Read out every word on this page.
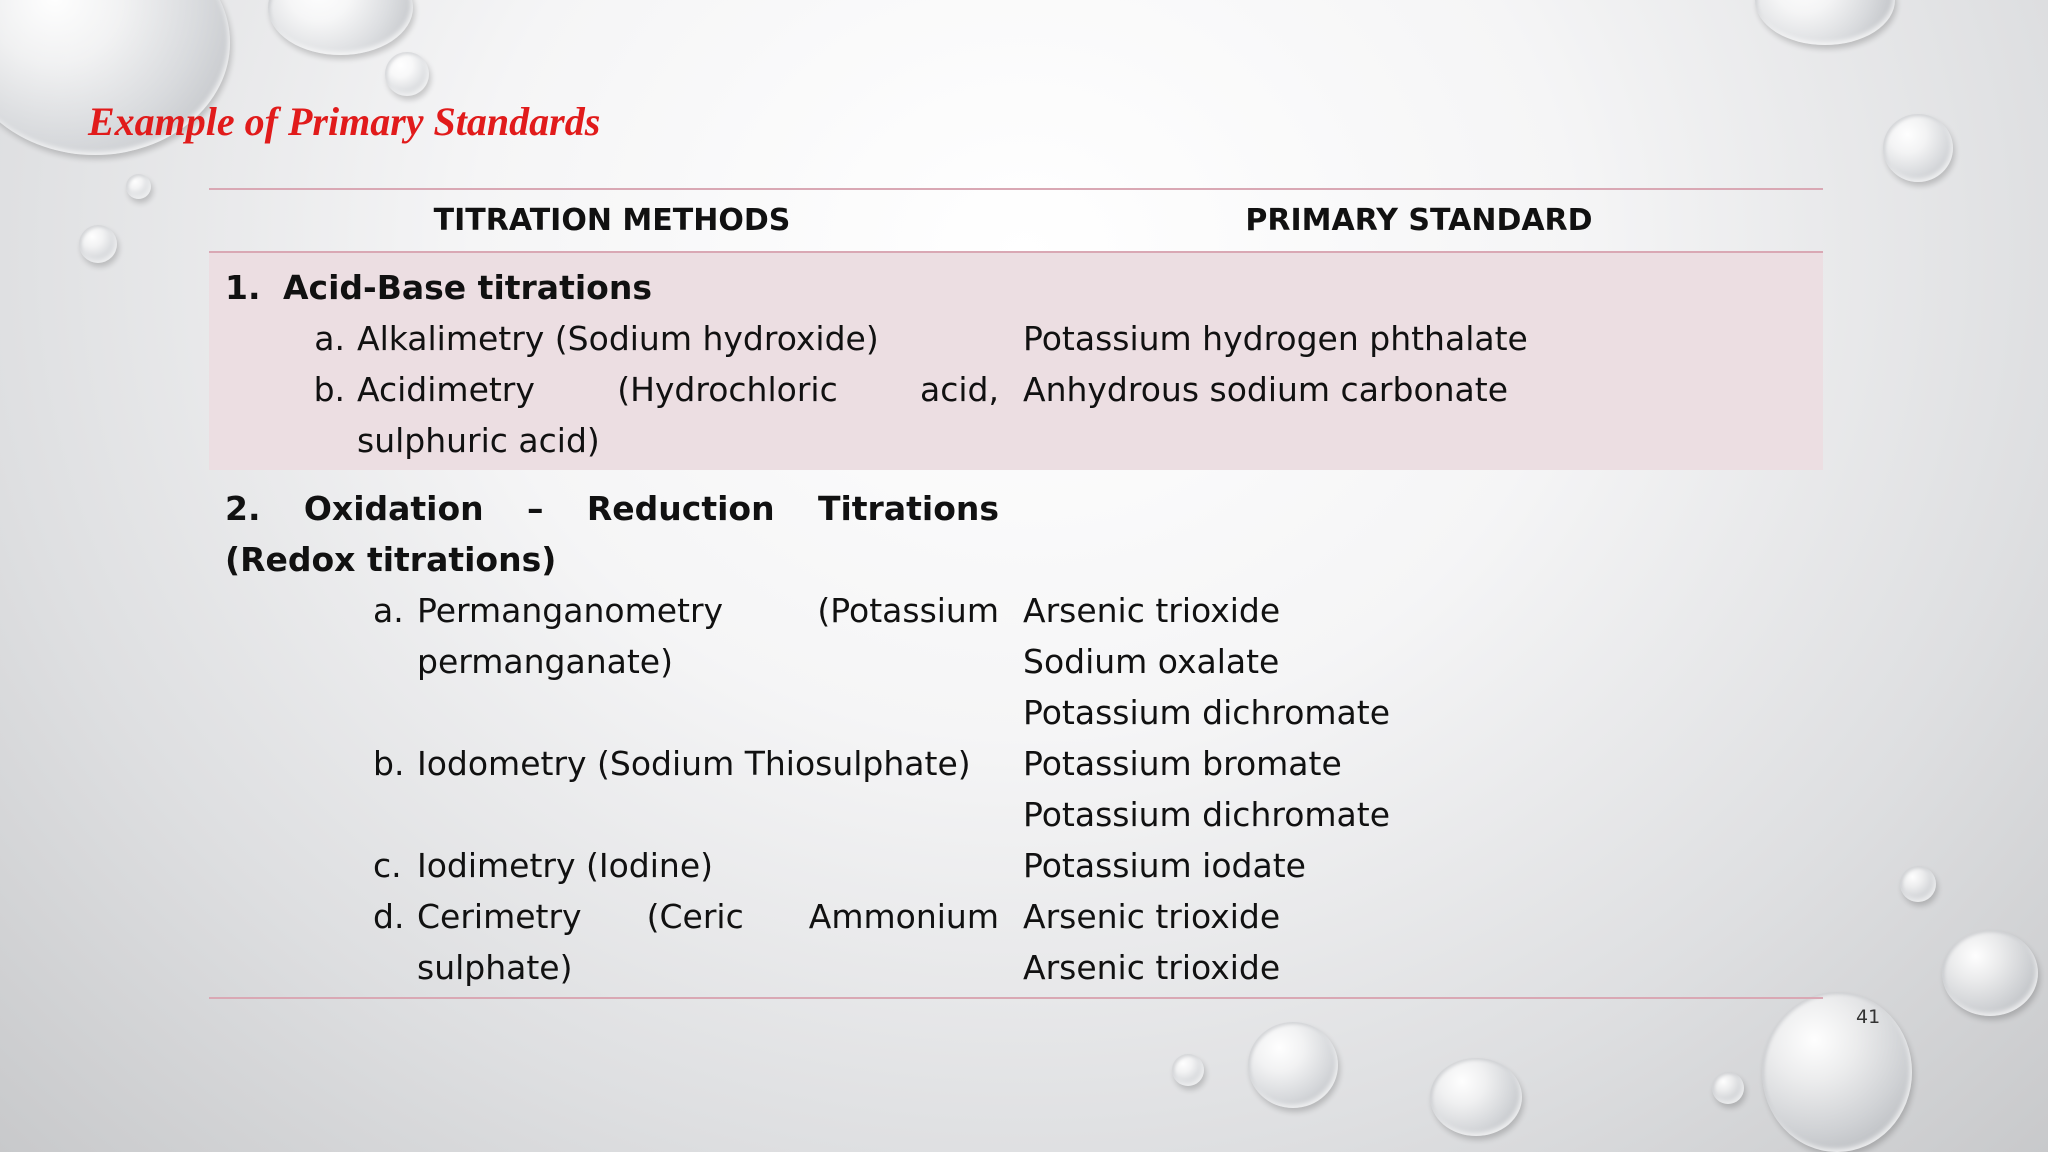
Example of Primary Standards
TITRATION METHODS	PRIMARY STANDARD
1. Acid-Base titrations
a. Alkalimetry (Sodium hydroxide)
b. Acidimetry (Hydrochloric acid, sulphuric acid)
Potassium hydrogen phthalate
Anhydrous sodium carbonate
2. Oxidation – Reduction Titrations (Redox titrations)
a. Permanganometry (Potassium permanganate)
b. Iodometry (Sodium Thiosulphate)
c. Iodimetry (Iodine)
d. Cerimetry (Ceric Ammonium sulphate)
Arsenic trioxide
Sodium oxalate
Potassium dichromate
Potassium bromate
Potassium dichromate
Potassium iodate
Arsenic trioxide
Arsenic trioxide
41
